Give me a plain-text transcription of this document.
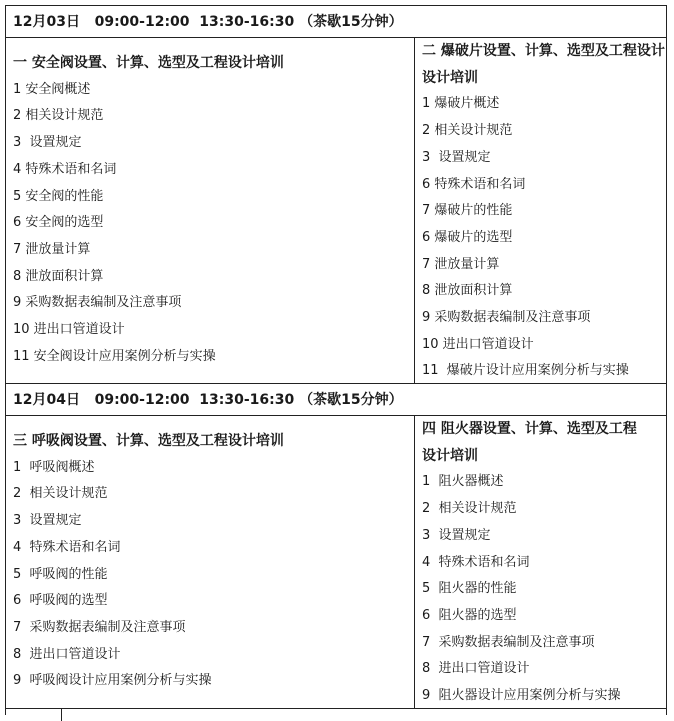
12月03日   09:00-12:00  13:30-16:30 （茶歇15分钟）
一 安全阀设置、计算、选型及工程设计培训
1 安全阀概述
2 相关设计规范
3  设置规定
4 特殊术语和名词
5 安全阀的性能
6 安全阀的选型
7 泄放量计算
8 泄放面积计算
9 采购数据表编制及注意事项
10 进出口管道设计
11 安全阀设计应用案例分析与实操
二 爆破片设置、计算、选型及工程设计
设计培训
1 爆破片概述
2 相关设计规范
3  设置规定
6 特殊术语和名词
7 爆破片的性能
6 爆破片的选型
7 泄放量计算
8 泄放面积计算
9 采购数据表编制及注意事项
10 进出口管道设计
11  爆破片设计应用案例分析与实操
12月04日   09:00-12:00  13:30-16:30 （茶歇15分钟）
三 呼吸阀设置、计算、选型及工程设计培训
1  呼吸阀概述
2  相关设计规范
3  设置规定
4  特殊术语和名词
5  呼吸阀的性能
6  呼吸阀的选型
7  采购数据表编制及注意事项
8  进出口管道设计
9  呼吸阀设计应用案例分析与实操
四 阻火器设置、计算、选型及工程
设计培训
1  阻火器概述
2  相关设计规范
3  设置规定
4  特殊术语和名词
5  阻火器的性能
6  阻火器的选型
7  采购数据表编制及注意事项
8  进出口管道设计
9  阻火器设计应用案例分析与实操
